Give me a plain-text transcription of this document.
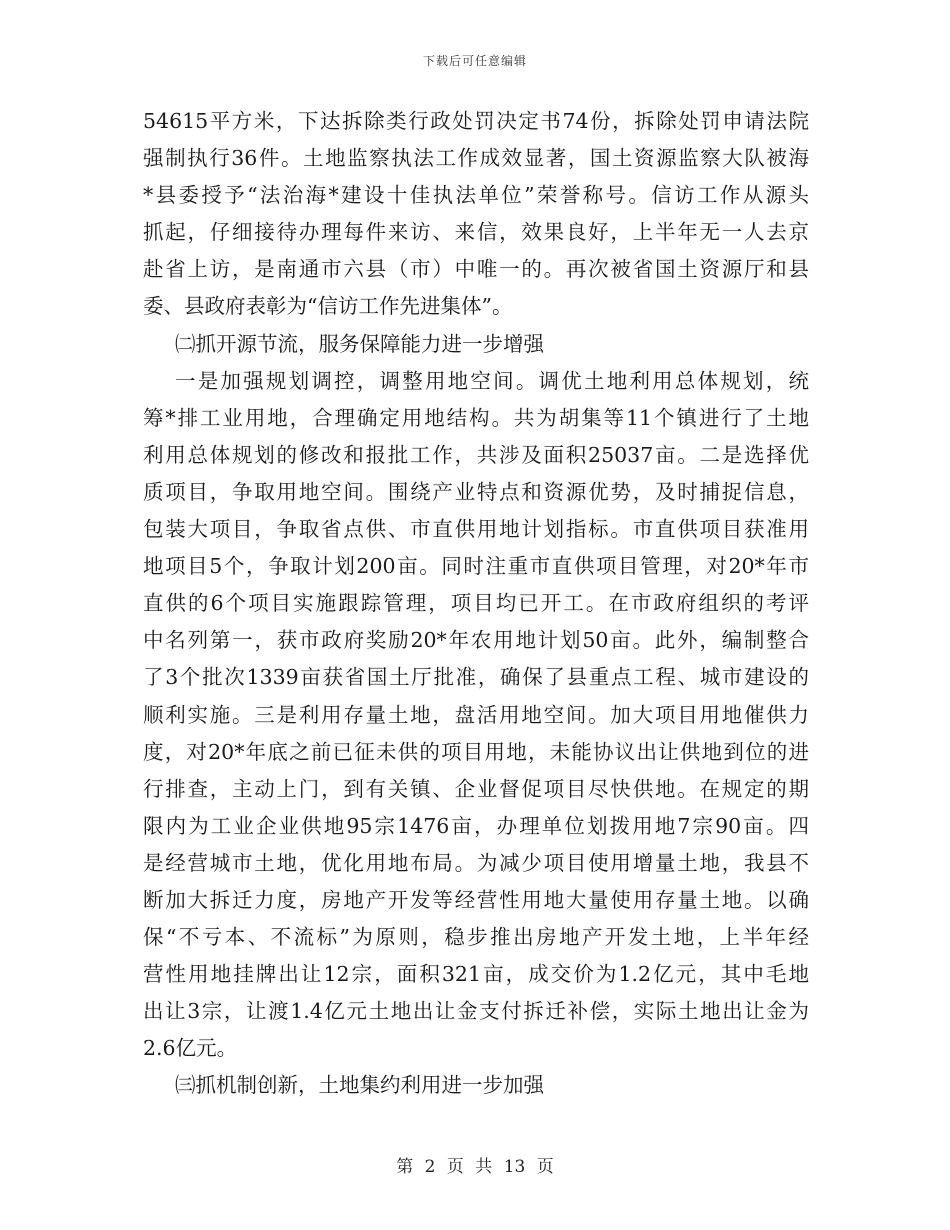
下载后可任意编辑
54615平方米，下达拆除类行政处罚决定书74份，拆除处罚申请法院
强制执行36件。土地监察执法工作成效显著，国土资源监察大队被海
*县委授予“法治海*建设十佳执法单位”荣誉称号。信访工作从源头
抓起，仔细接待办理每件来访、来信，效果良好，上半年无一人去京
赴省上访，是南通市六县（市）中唯一的。再次被省国土资源厅和县
委、县政府表彰为“信访工作先进集体”。
㈡抓开源节流，服务保障能力进一步增强
一是加强规划调控，调整用地空间。调优土地利用总体规划，统
筹*排工业用地，合理确定用地结构。共为胡集等11个镇进行了土地
利用总体规划的修改和报批工作，共涉及面积25037亩。二是选择优
质项目，争取用地空间。围绕产业特点和资源优势，及时捕捉信息，
包装大项目，争取省点供、市直供用地计划指标。市直供项目获准用
地项目5个，争取计划200亩。同时注重市直供项目管理，对20*年市
直供的6个项目实施跟踪管理，项目均已开工。在市政府组织的考评
中名列第一，获市政府奖励20*年农用地计划50亩。此外，编制整合
了3个批次1339亩获省国土厅批准，确保了县重点工程、城市建设的
顺利实施。三是利用存量土地，盘活用地空间。加大项目用地催供力
度，对20*年底之前已征未供的项目用地，未能协议出让供地到位的进
行排查，主动上门，到有关镇、企业督促项目尽快供地。在规定的期
限内为工业企业供地95宗1476亩，办理单位划拨用地7宗90亩。四
是经营城市土地，优化用地布局。为减少项目使用增量土地，我县不
断加大拆迁力度，房地产开发等经营性用地大量使用存量土地。以确
保“不亏本、不流标”为原则，稳步推出房地产开发土地，上半年经
营性用地挂牌出让12宗，面积321亩，成交价为1.2亿元，其中毛地
出让3宗，让渡1.4亿元土地出让金支付拆迁补偿，实际土地出让金为
2.6亿元。
㈢抓机制创新，土地集约利用进一步加强
第 2 页 共 13 页
